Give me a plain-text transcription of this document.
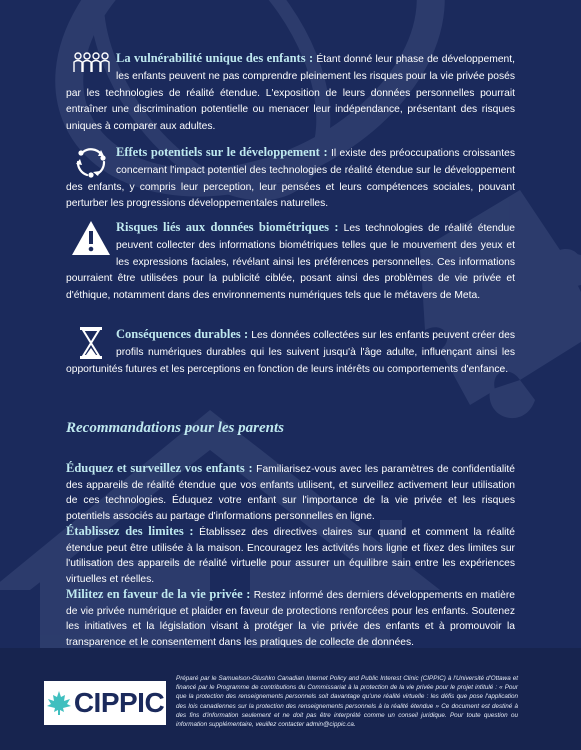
La vulnérabilité unique des enfants : Étant donné leur phase de développement, les enfants peuvent ne pas comprendre pleinement les risques pour la vie privée posés par les technologies de réalité étendue. L'exposition de leurs données personnelles pourrait entraîner une discrimination potentielle ou menacer leur indépendance, présentant des risques uniques à comparer aux adultes.
Effets potentiels sur le développement : Il existe des préoccupations croissantes concernant l'impact potentiel des technologies de réalité étendue sur le développement des enfants, y compris leur perception, leur pensées et leurs compétences sociales, pouvant perturber les progressions développementales naturelles.
Risques liés aux données biométriques : Les technologies de réalité étendue peuvent collecter des informations biométriques telles que le mouvement des yeux et les expressions faciales, révélant ainsi les préférences personnelles. Ces informations pourraient être utilisées pour la publicité ciblée, posant ainsi des problèmes de vie privée et d'éthique, notamment dans des environnements numériques tels que le métavers de Meta.
Conséquences durables : Les données collectées sur les enfants peuvent créer des profils numériques durables qui les suivent jusqu'à l'âge adulte, influençant ainsi les opportunités futures et les perceptions en fonction de leurs intérêts ou comportements d'enfance.
Recommandations pour les parents
Éduquez et surveillez vos enfants : Familiarisez-vous avec les paramètres de confidentialité des appareils de réalité étendue que vos enfants utilisent, et surveillez activement leur utilisation de ces technologies. Éduquez votre enfant sur l'importance de la vie privée et les risques potentiels associés au partage d'informations personnelles en ligne.
Établissez des limites : Établissez des directives claires sur quand et comment la réalité étendue peut être utilisée à la maison. Encouragez les activités hors ligne et fixez des limites sur l'utilisation des appareils de réalité virtuelle pour assurer un équilibre sain entre les expériences virtuelles et réelles.
Militez en faveur de la vie privée : Restez informé des derniers développements en matière de vie privée numérique et plaider en faveur de protections renforcées pour les enfants. Soutenez les initiatives et la législation visant à protéger la vie privée des enfants et à promouvoir la transparence et le consentement dans les pratiques de collecte de données.
CIPPIC
Préparé par le Samuelson-Glushko Canadian Internet Policy and Public Interest Clinic (CIPPIC) à l'Université d'Ottawa et financé par le Programme de contributions du Commissariat à la protection de la vie privée pour le projet intitulé : « Pour que la protection des renseignements personnels soit davantage qu'une réalité virtuelle : les défis que pose l'application des lois canadiennes sur la protection des renseignements personnels à la réalité étendue » Ce document est destiné à des fins d'information seulement et ne doit pas être interprété comme un conseil juridique. Pour toute question ou information supplémentaire, veuillez contacter admin@cippic.ca.
